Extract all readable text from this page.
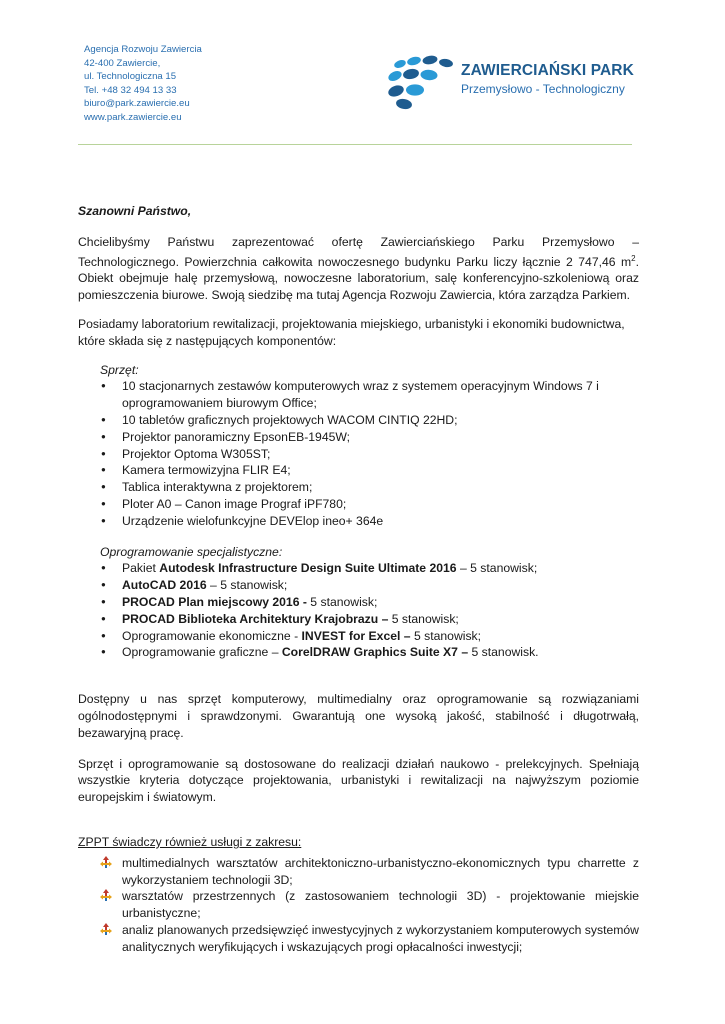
Agencja Rozwoju Zawiercia
42-400 Zawiercie,
ul. Technologiczna 15
Tel. +48 32 494 13 33
biuro@park.zawiercie.eu
www.park.zawiercie.eu
ZAWIERCIAŃSKI PARK
Przemysłowo - Technologiczny

Szanowni Państwo,

Chcielibyśmy Państwu zaprezentować ofertę Zawierciańskiego Parku Przemysłowo – Technologicznego. Powierzchnia całkowita nowoczesnego budynku Parku liczy łącznie 2 747,46 $m^2$. Obiekt obejmuje halę przemysłową, nowoczesne laboratorium, salę konferencyjno-szkoleniową oraz pomieszczenia biurowe. Swoją siedzibę ma tutaj Agencja Rozwoju Zawiercia, która zarządza Parkiem.

Posiadamy laboratorium rewitalizacji, projektowania miejskiego, urbanistyki i ekonomiki budownictwa, które składa się z następujących komponentów:

Sprzęt:

● 10 stacjonarnych zestawów komputerowych wraz z systemem operacyjnym Windows 7 i oprogramowaniem biurowym Office;
● 10 tabletów graficznych projektowych WACOM CINTIQ 22HD;
● Projektor panoramiczny EpsonEB-1945W;
● Projektor Optoma W305ST;
● Kamera termowizyjna FLIR E4;
● Tablica interaktywna z projektorem;
● Ploter A0 – Canon image Prograf iPF780;
● Urządzenie wielofunkcyjne DEVElop ineo+ 364e

Oprogramowanie specjalistyczne:

● Pakiet Autodesk Infrastructure Design Suite Ultimate 2016 – 5 stanowisk;
● AutoCAD 2016 – 5 stanowisk;
● PROCAD Plan miejscowy 2016 - 5 stanowisk;
● PROCAD Biblioteka Architektury Krajobrazu – 5 stanowisk;
● Oprogramowanie ekonomiczne - INVEST for Excel – 5 stanowisk;
● Oprogramowanie graficzne – CorelDRAW Graphics Suite X7 – 5 stanowisk.

Dostępny u nas sprzęt komputerowy, multimedialny oraz oprogramowanie są rozwiązaniami ogólnodostępnymi i sprawdzonymi. Gwarantują one wysoką jakość, stabilność i długotrwałą, bezawaryjną pracę.

Sprzęt i oprogramowanie są dostosowane do realizacji działań naukowo - prelekcyjnych. Spełniają wszystkie kryteria dotyczące projektowania, urbanistyki i rewitalizacji na najwyższym poziomie europejskim i światowym.

ZPPT świadczy również usługi z zakresu:

multimedialnych warsztatów architektoniczno-urbanistyczno-ekonomicznych typu charrette z wykorzystaniem technologii 3D;
warsztatów przestrzennych (z zastosowaniem technologii 3D) - projektowanie miejskie urbanistyczne;
analiz planowanych przedsięwzięć inwestycyjnych z wykorzystaniem komputerowych systemów analitycznych weryfikujących i wskazujących progi opłacalności inwestycji;
